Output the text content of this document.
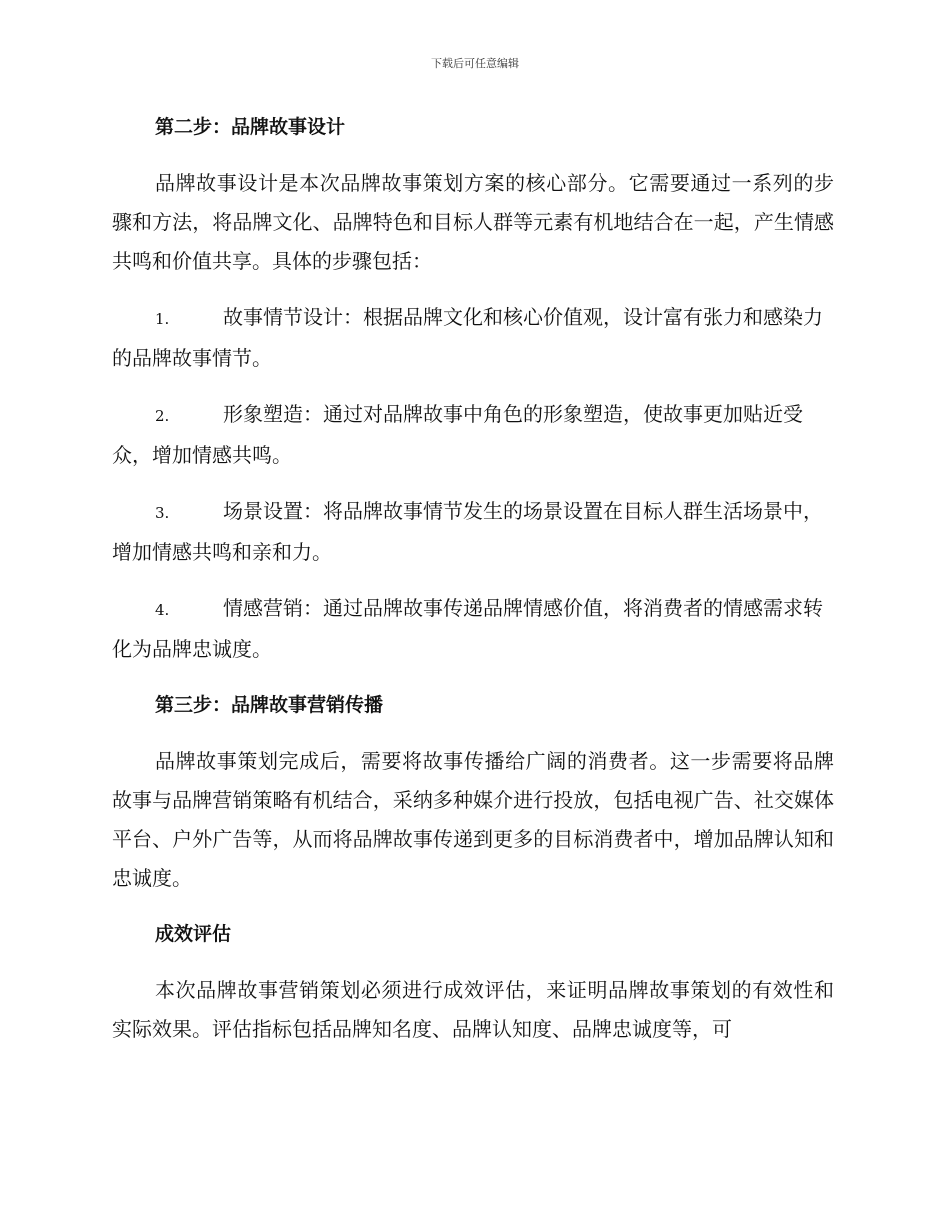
下载后可任意编辑
第二步：品牌故事设计

品牌故事设计是本次品牌故事策划方案的核心部分。它需要通过一系列的步骤和方法，将品牌文化、品牌特色和目标人群等元素有机地结合在一起，产生情感共鸣和价值共享。具体的步骤包括：

1.	故事情节设计：根据品牌文化和核心价值观，设计富有张力和感染力的品牌故事情节。
2.	形象塑造：通过对品牌故事中角色的形象塑造，使故事更加贴近受众，增加情感共鸣。
3.	场景设置：将品牌故事情节发生的场景设置在目标人群生活场景中，增加情感共鸣和亲和力。
4.	情感营销：通过品牌故事传递品牌情感价值，将消费者的情感需求转化为品牌忠诚度。
第三步：品牌故事营销传播

品牌故事策划完成后，需要将故事传播给广阔的消费者。这一步需要将品牌故事与品牌营销策略有机结合，采纳多种媒介进行投放，包括电视广告、社交媒体平台、户外广告等，从而将品牌故事传递到更多的目标消费者中，增加品牌认知和忠诚度。

成效评估

本次品牌故事营销策划必须进行成效评估，来证明品牌故事策划的有效性和实际效果。评估指标包括品牌知名度、品牌认知度、品牌忠诚度等，可
